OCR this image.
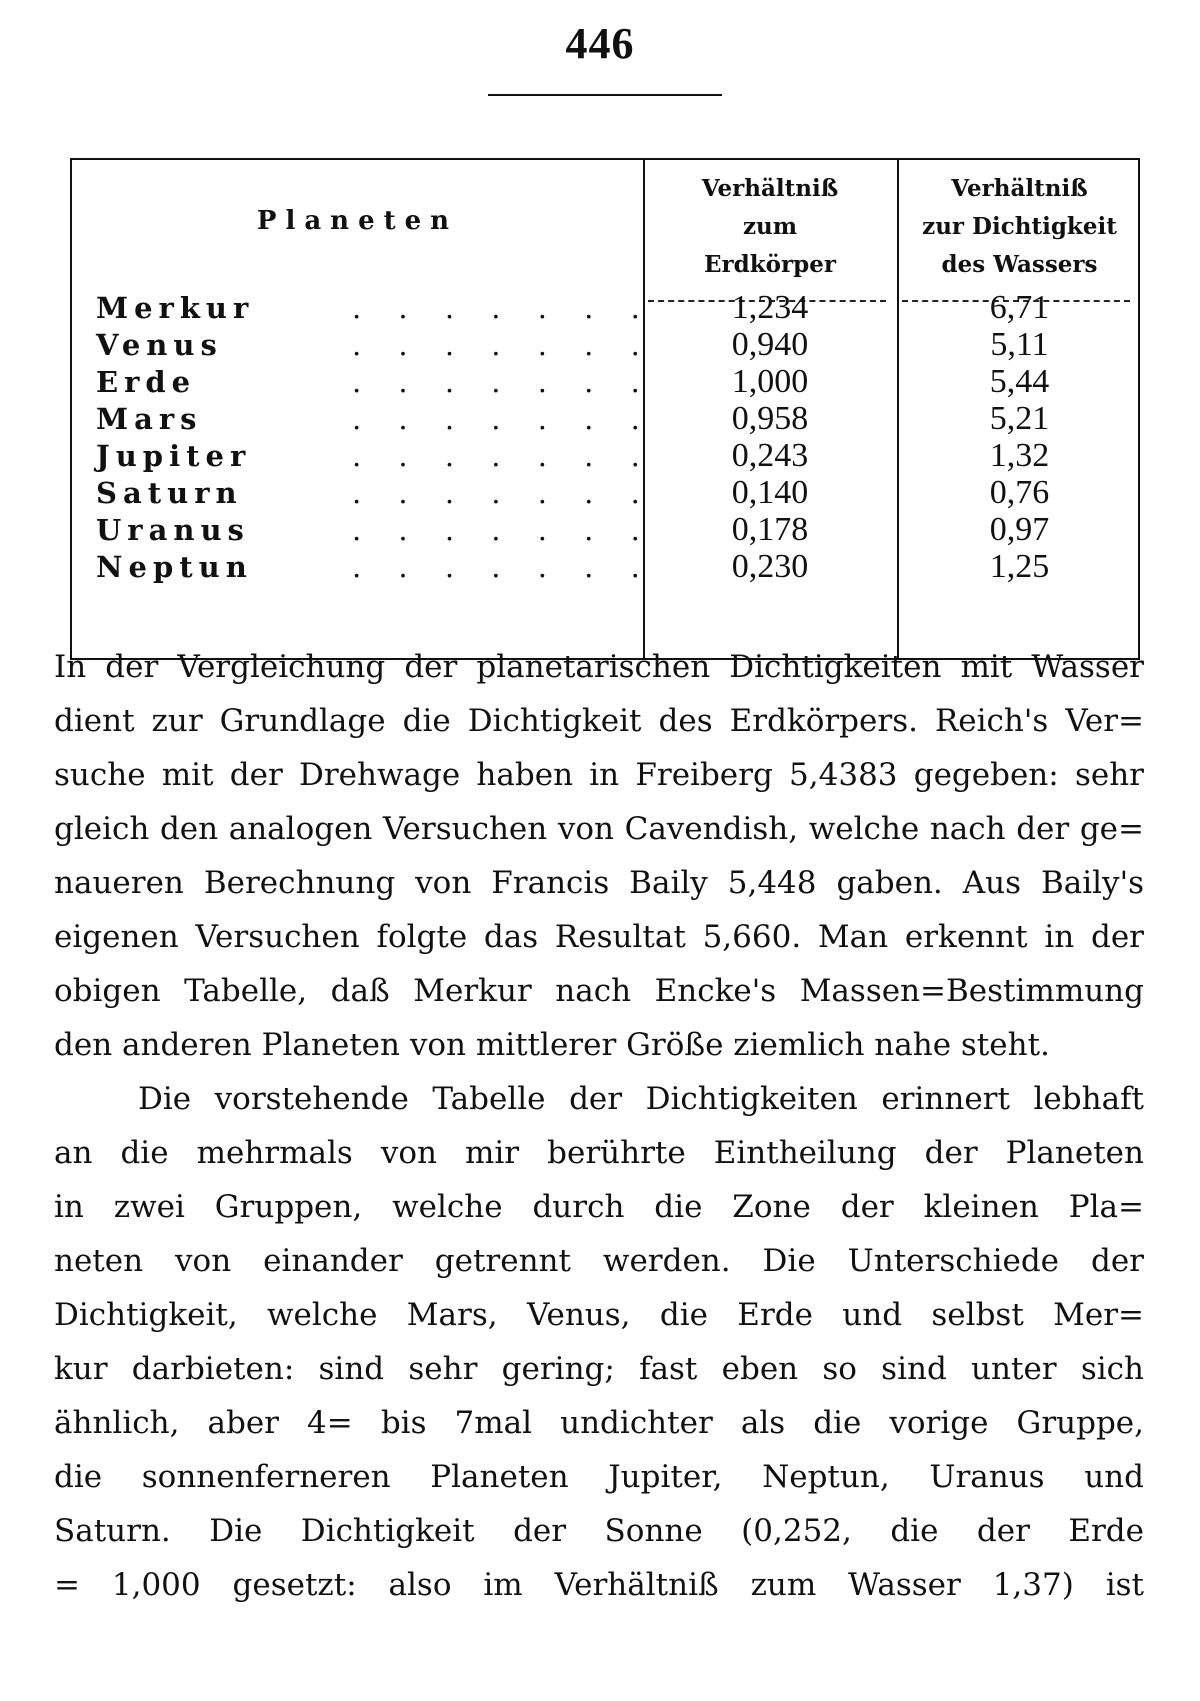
446
Planeten
Verhältniß
zum
Erdkörper
Verhältniß
zur Dichtigkeit
des Wassers
Merkur	. . . . . . .	1,234	6,71
Venus	. . . . . . .	0,940	5,11
Erde	. . . . . . .	1,000	5,44
Mars	. . . . . . .	0,958	5,21
Jupiter	. . . . . . .	0,243	1,32
Saturn	. . . . . . .	0,140	0,76
Uranus	. . . . . . .	0,178	0,97
Neptun	. . . . . . .	0,230	1,25
In der Vergleichung der planetarischen Dichtigkeiten mit Wasser
dient zur Grundlage die Dichtigkeit des Erdkörpers. Reich's Ver=
suche mit der Drehwage haben in Freiberg 5,4383 gegeben: sehr
gleich den analogen Versuchen von Cavendish, welche nach der ge=
naueren Berechnung von Francis Baily 5,448 gaben. Aus Baily's
eigenen Versuchen folgte das Resultat 5,660. Man erkennt in der
obigen Tabelle, daß Merkur nach Encke's Massen=Bestimmung
den anderen Planeten von mittlerer Größe ziemlich nahe steht.
Die vorstehende Tabelle der Dichtigkeiten erinnert lebhaft
an die mehrmals von mir berührte Eintheilung der Planeten
in zwei Gruppen, welche durch die Zone der kleinen Pla=
neten von einander getrennt werden. Die Unterschiede der
Dichtigkeit, welche Mars, Venus, die Erde und selbst Mer=
kur darbieten: sind sehr gering; fast eben so sind unter sich
ähnlich, aber 4= bis 7mal undichter als die vorige Gruppe,
die sonnenferneren Planeten Jupiter, Neptun, Uranus und
Saturn. Die Dichtigkeit der Sonne (0,252, die der Erde
= 1,000 gesetzt: also im Verhältniß zum Wasser 1,37) ist
